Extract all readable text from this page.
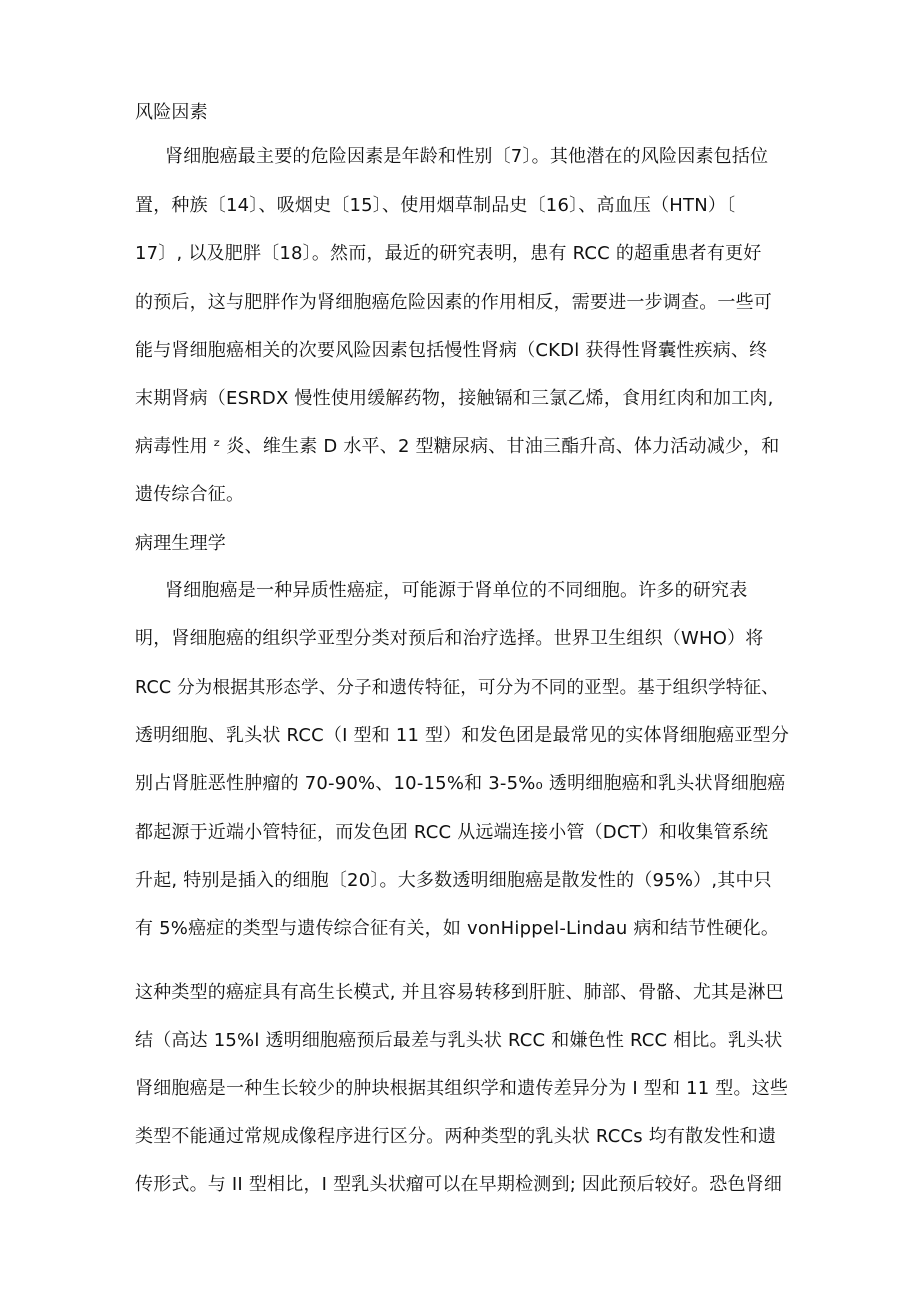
风险因素
肾细胞癌最主要的危险因素是年龄和性别〔7〕。其他潜在的风险因素包括位
置，种族〔14〕、吸烟史〔15〕、使用烟草制品史〔16〕、高血压（HTN）〔
17〕, 以及肥胖〔18〕。然而，最近的研究表明，患有 RCC 的超重患者有更好
的预后，这与肥胖作为肾细胞癌危险因素的作用相反，需要进一步调查。一些可
能与肾细胞癌相关的次要风险因素包括慢性肾病（CKDl 获得性肾囊性疾病、终
末期肾病（ESRDX 慢性使用缓解药物，接触镉和三氯乙烯，食用红肉和加工肉,
病毒性用 ᶻ 炎、维生素 D 水平、2 型糖尿病、甘油三酯升高、体力活动减少，和
遗传综合征。
病理生理学
肾细胞癌是一种异质性癌症，可能源于肾单位的不同细胞。许多的研究表
明，肾细胞癌的组织学亚型分类对预后和治疗选择。世界卫生组织（WHO）将
RCC 分为根据其形态学、分子和遗传特征，可分为不同的亚型。基于组织学特征、
透明细胞、乳头状 RCC（I 型和 11 型）和发色团是最常见的实体肾细胞癌亚型分
别占肾脏恶性肿瘤的 70-90%、10-15%和 3-5%₀ 透明细胞癌和乳头状肾细胞癌
都起源于近端小管特征，而发色团 RCC 从远端连接小管（DCT）和收集管系统
升起, 特别是插入的细胞〔20〕。大多数透明细胞癌是散发性的（95%）,其中只
有 5%癌症的类型与遗传综合征有关，如 vonHippel-Lindau 病和结节性硬化。
这种类型的癌症具有高生长模式, 并且容易转移到肝脏、肺部、骨骼、尤其是淋巴
结（高达 15%l 透明细胞癌预后最差与乳头状 RCC 和嫌色性 RCC 相比。乳头状
肾细胞癌是一种生长较少的肿块根据其组织学和遗传差异分为 I 型和 11 型。这些
类型不能通过常规成像程序进行区分。两种类型的乳头状 RCCs 均有散发性和遗
传形式。与 II 型相比，I 型乳头状瘤可以在早期检测到; 因此预后较好。恐色肾细
